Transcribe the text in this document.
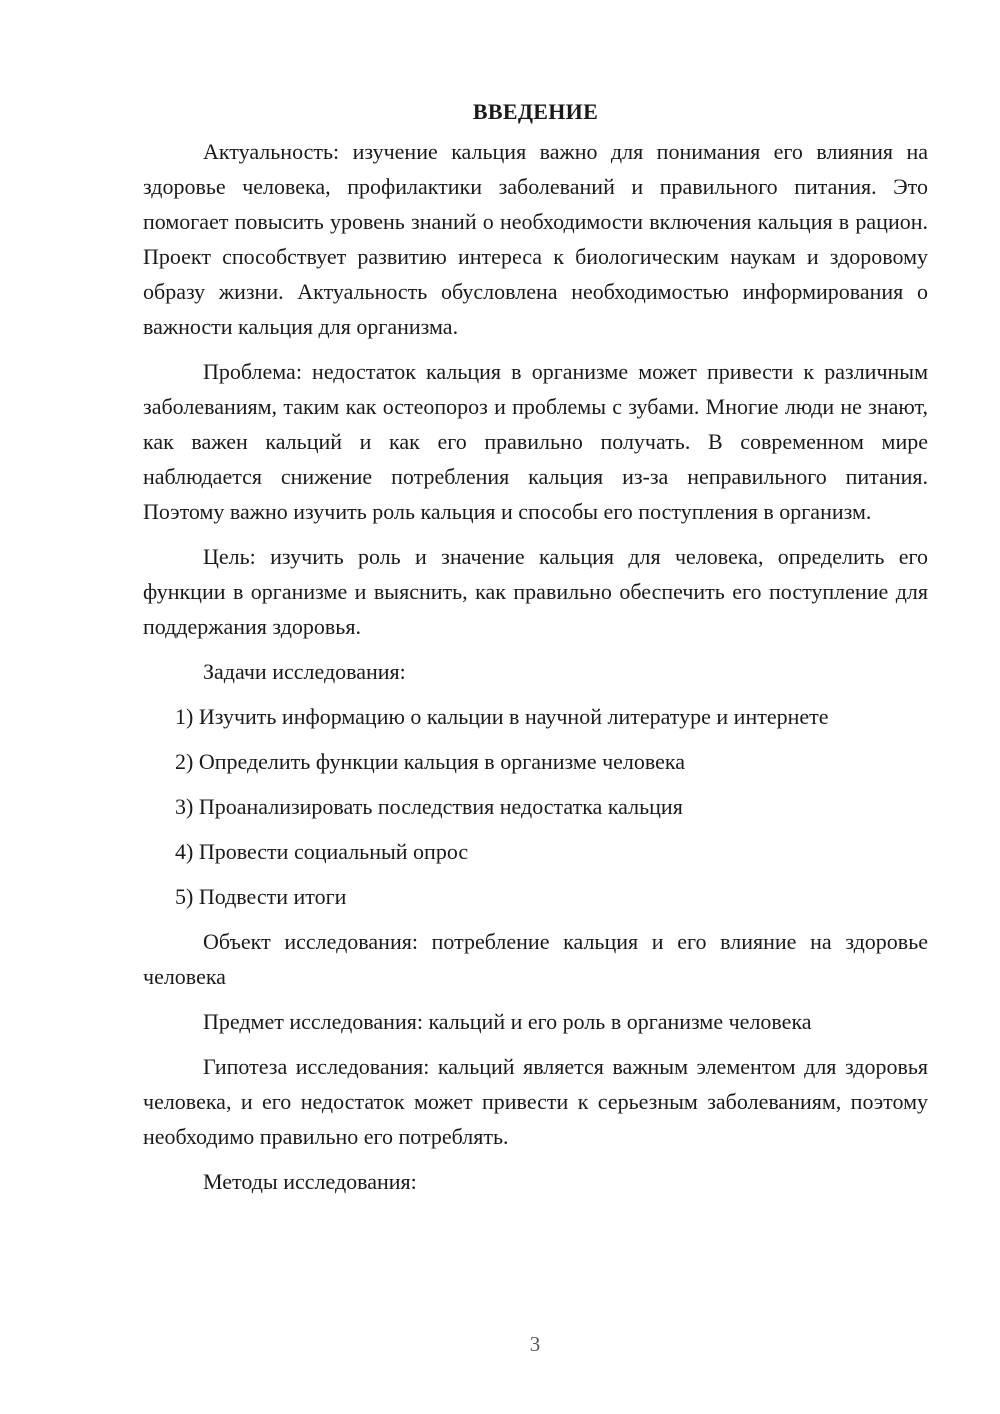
ВВЕДЕНИЕ

Актуальность: изучение кальция важно для понимания его влияния на здоровье человека, профилактики заболеваний и правильного питания. Это помогает повысить уровень знаний о необходимости включения кальция в рацион. Проект способствует развитию интереса к биологическим наукам и здоровому образу жизни. Актуальность обусловлена необходимостью информирования о важности кальция для организма.

Проблема: недостаток кальция в организме может привести к различным заболеваниям, таким как остеопороз и проблемы с зубами. Многие люди не знают, как важен кальций и как его правильно получать. В современном мире наблюдается снижение потребления кальция из-за неправильного питания. Поэтому важно изучить роль кальция и способы его поступления в организм.

Цель: изучить роль и значение кальция для человека, определить его функции в организме и выяснить, как правильно обеспечить его поступление для поддержания здоровья.

Задачи исследования:

1) Изучить информацию о кальции в научной литературе и интернете
2) Определить функции кальция в организме человека
3) Проанализировать последствия недостатка кальция
4) Провести социальный опрос
5) Подвести итоги

Объект исследования: потребление кальция и его влияние на здоровье человека

Предмет исследования: кальций и его роль в организме человека

Гипотеза исследования: кальций является важным элементом для здоровья человека, и его недостаток может привести к серьезным заболеваниям, поэтому необходимо правильно его потреблять.

Методы исследования:

3
